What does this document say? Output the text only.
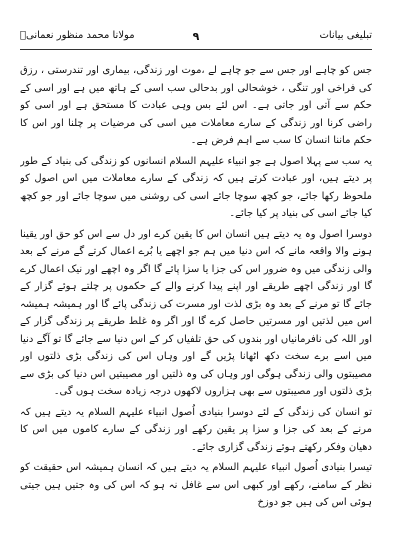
تبلیغی بیانات
۹
مولانا محمد منظور نعمانیؒ

جس کو چاہے اور جس سے جو چاہے لے ،موت اور زندگی، بیماری اور تندرستی ، رزق کی فراخی اور تنگی ، خوشحالی اور بدحالی سب اسی کے ہاتھ میں ہے اور اسی کے حکم سے آتی اور جاتی ہے۔ اس لئے بس وہی عبادت کا مستحق ہے اور اسی کو راضی کرنا اور زندگی کے سارے معاملات میں اسی کی مرضیات پر چلنا اور اس کا حکم ماننا انسان کا سب سے اہم فرض ہے۔

یہ سب سے پہلا اصول ہے جو انبیاء علیہم السلام انسانوں کو زندگی کی بنیاد کے طور پر دیتے ہیں، اور عبادت کرتے ہیں کہ زندگی کے سارے معاملات میں اس اصول کو ملحوظ رکھا جائے، جو کچھ سوچا جائے اسی کی روشنی میں سوچا جائے اور جو کچھ کیا جائے اسی کی بنیاد پر کیا جائے۔

دوسرا اصول وہ یہ دیتے ہیں انسان اس کا یقین کرے اور دل سے اس کو حق اور یقینا ہونے والا واقعہ مانے کہ اس دنیا میں ہم جو اچھے یا بُرے اعمال کرتے گے مرنے کے بعد والی زندگی میں وہ ضرور اس کی جزا یا سزا پائے گا اگر وہ اچھے اور نیک اعمال کرے گا اور زندگی اچھے طریقے اور اپنے پیدا کرنے والے کے حکموں پر چلتے ہوئے گزار کے جائے گا تو مرنے کے بعد وہ بڑی لذت اور مسرت کی زندگی پائے گا اور ہمیشہ ہمیشہ اس میں لذتیں اور مسرتیں حاصل کرے گا اور اگر وہ غلط طریقے پر زندگی گزار کے اور اللہ کی نافرمانیاں اور بندوں کی حق تلفیاں کر کے اس دنیا سے جائے گا تو آگے دنیا میں اسے برے سخت دکھ اٹھانا پڑیں گے اور وہاں اس کی زندگی بڑی ذلتوں اور مصیبتوں والی زندگی ہوگی اور وہاں کی وہ ذلتیں اور مصیبتیں اس دنیا کی بڑی سے بڑی ذلتوں اور مصیبتوں سے بھی ہزاروں لاکھوں درجہ زیادہ سخت ہوں گی۔

تو انسان کی زندگی کے لئے دوسرا بنیادی اُصول انبیاء علیہم السلام یہ دیتے ہیں کہ مرنے کے بعد کی جزا و سزا پر یقین رکھے اور زندگی کے سارے کاموں میں اس کا دھیان وفکر رکھتے ہوئے زندگی گزاری جائے۔

تیسرا بنیادی اُصول انبیاء علیہم السلام یہ دیتے ہیں کہ انسان ہمیشہ اس حقیقت کو نظر کے سامنے، رکھے اور کبھی اس سے غافل نہ ہو کہ اس کی وہ جتیں ہیں جیتی ہوئی اس کی ہیں جو دوزخ
